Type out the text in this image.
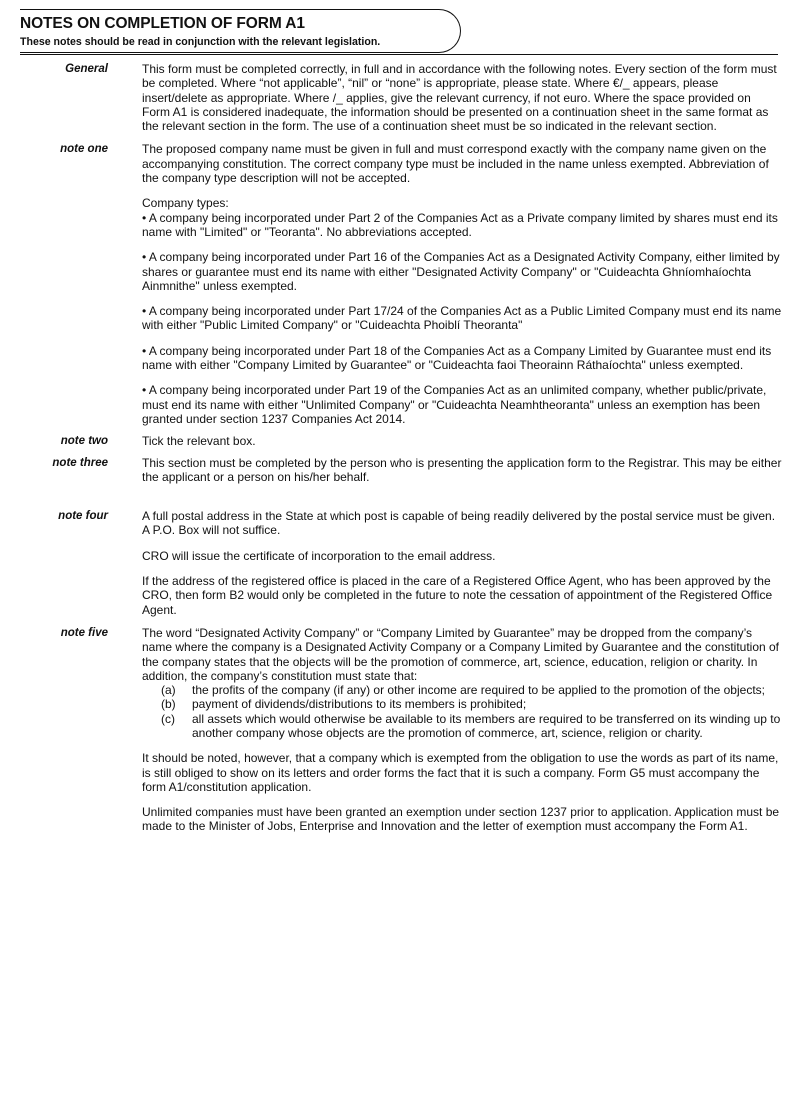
NOTES ON COMPLETION OF FORM A1
These notes should be read in conjunction with the relevant legislation.
General	This form must be completed correctly, in full and in accordance with the following notes. Every section of the form must be completed. Where “not applicable”, “nil” or “none” is appropriate, please state. Where €/_ appears, please insert/delete as appropriate. Where /_ applies, give the relevant currency, if not euro. Where the space provided on Form A1 is considered inadequate, the information should be presented on a continuation sheet in the same format as the relevant section in the form. The use of a continuation sheet must be so indicated in the relevant section.

note one	The proposed company name must be given in full and must correspond exactly with the company name given on the accompanying constitution. The correct company type must be included in the name unless exempted. Abbreviation of the company type description will not be accepted.

Company types:

• A company being incorporated under Part 2 of the Companies Act as a Private company limited by shares must end its name with "Limited" or "Teoranta". No abbreviations accepted.

• A company being incorporated under Part 16 of the Companies Act as a Designated Activity Company, either limited by shares or guarantee must end its name with either "Designated Activity Company" or "Cuideachta Ghníomhaíochta Ainmnithe" unless exempted.

• A company being incorporated under Part 17/24 of the Companies Act as a Public Limited Company must end its name with either "Public Limited Company" or "Cuideachta Phoiblí Theoranta"

• A company being incorporated under Part 18 of the Companies Act as a Company Limited by Guarantee must end its name with either "Company Limited by Guarantee" or "Cuideachta faoi Theorainn Ráthaíochta" unless exempted.

• A company being incorporated under Part 19 of the Companies Act as an unlimited company, whether public/private, must end its name with either "Unlimited Company" or "Cuideachta Neamhtheoranta" unless an exemption has been granted under section 1237 Companies Act 2014.

note two	Tick the relevant box.

note three	This section must be completed by the person who is presenting the application form to the Registrar. This may be either the applicant or a person on his/her behalf.

note four	A full postal address in the State at which post is capable of being readily delivered by the postal service must be given. A P.O. Box will not suffice.

CRO will issue the certificate of incorporation to the email address.

If the address of the registered office is placed in the care of a Registered Office Agent, who has been approved by the CRO, then form B2 would only be completed in the future to note the cessation of appointment of the Registered Office Agent.

note five	The word “Designated Activity Company” or “Company Limited by Guarantee” may be dropped from the company’s name where the company is a Designated Activity Company or a Company Limited by Guarantee and the constitution of the company states that the objects will be the promotion of commerce, art, science, education, religion or charity. In addition, the company’s constitution must state that:

(a) the profits of the company (if any) or other income are required to be applied to the promotion of the objects;
(b) payment of dividends/distributions to its members is prohibited;
(c) all assets which would otherwise be available to its members are required to be transferred on its winding up to another company whose objects are the promotion of commerce, art, science, religion or charity.

It should be noted, however, that a company which is exempted from the obligation to use the words as part of its name, is still obliged to show on its letters and order forms the fact that it is such a company. Form G5 must accompany the form A1/constitution application.

Unlimited companies must have been granted an exemption under section 1237 prior to application. Application must be made to the Minister of Jobs, Enterprise and Innovation and the letter of exemption must accompany the Form A1.
